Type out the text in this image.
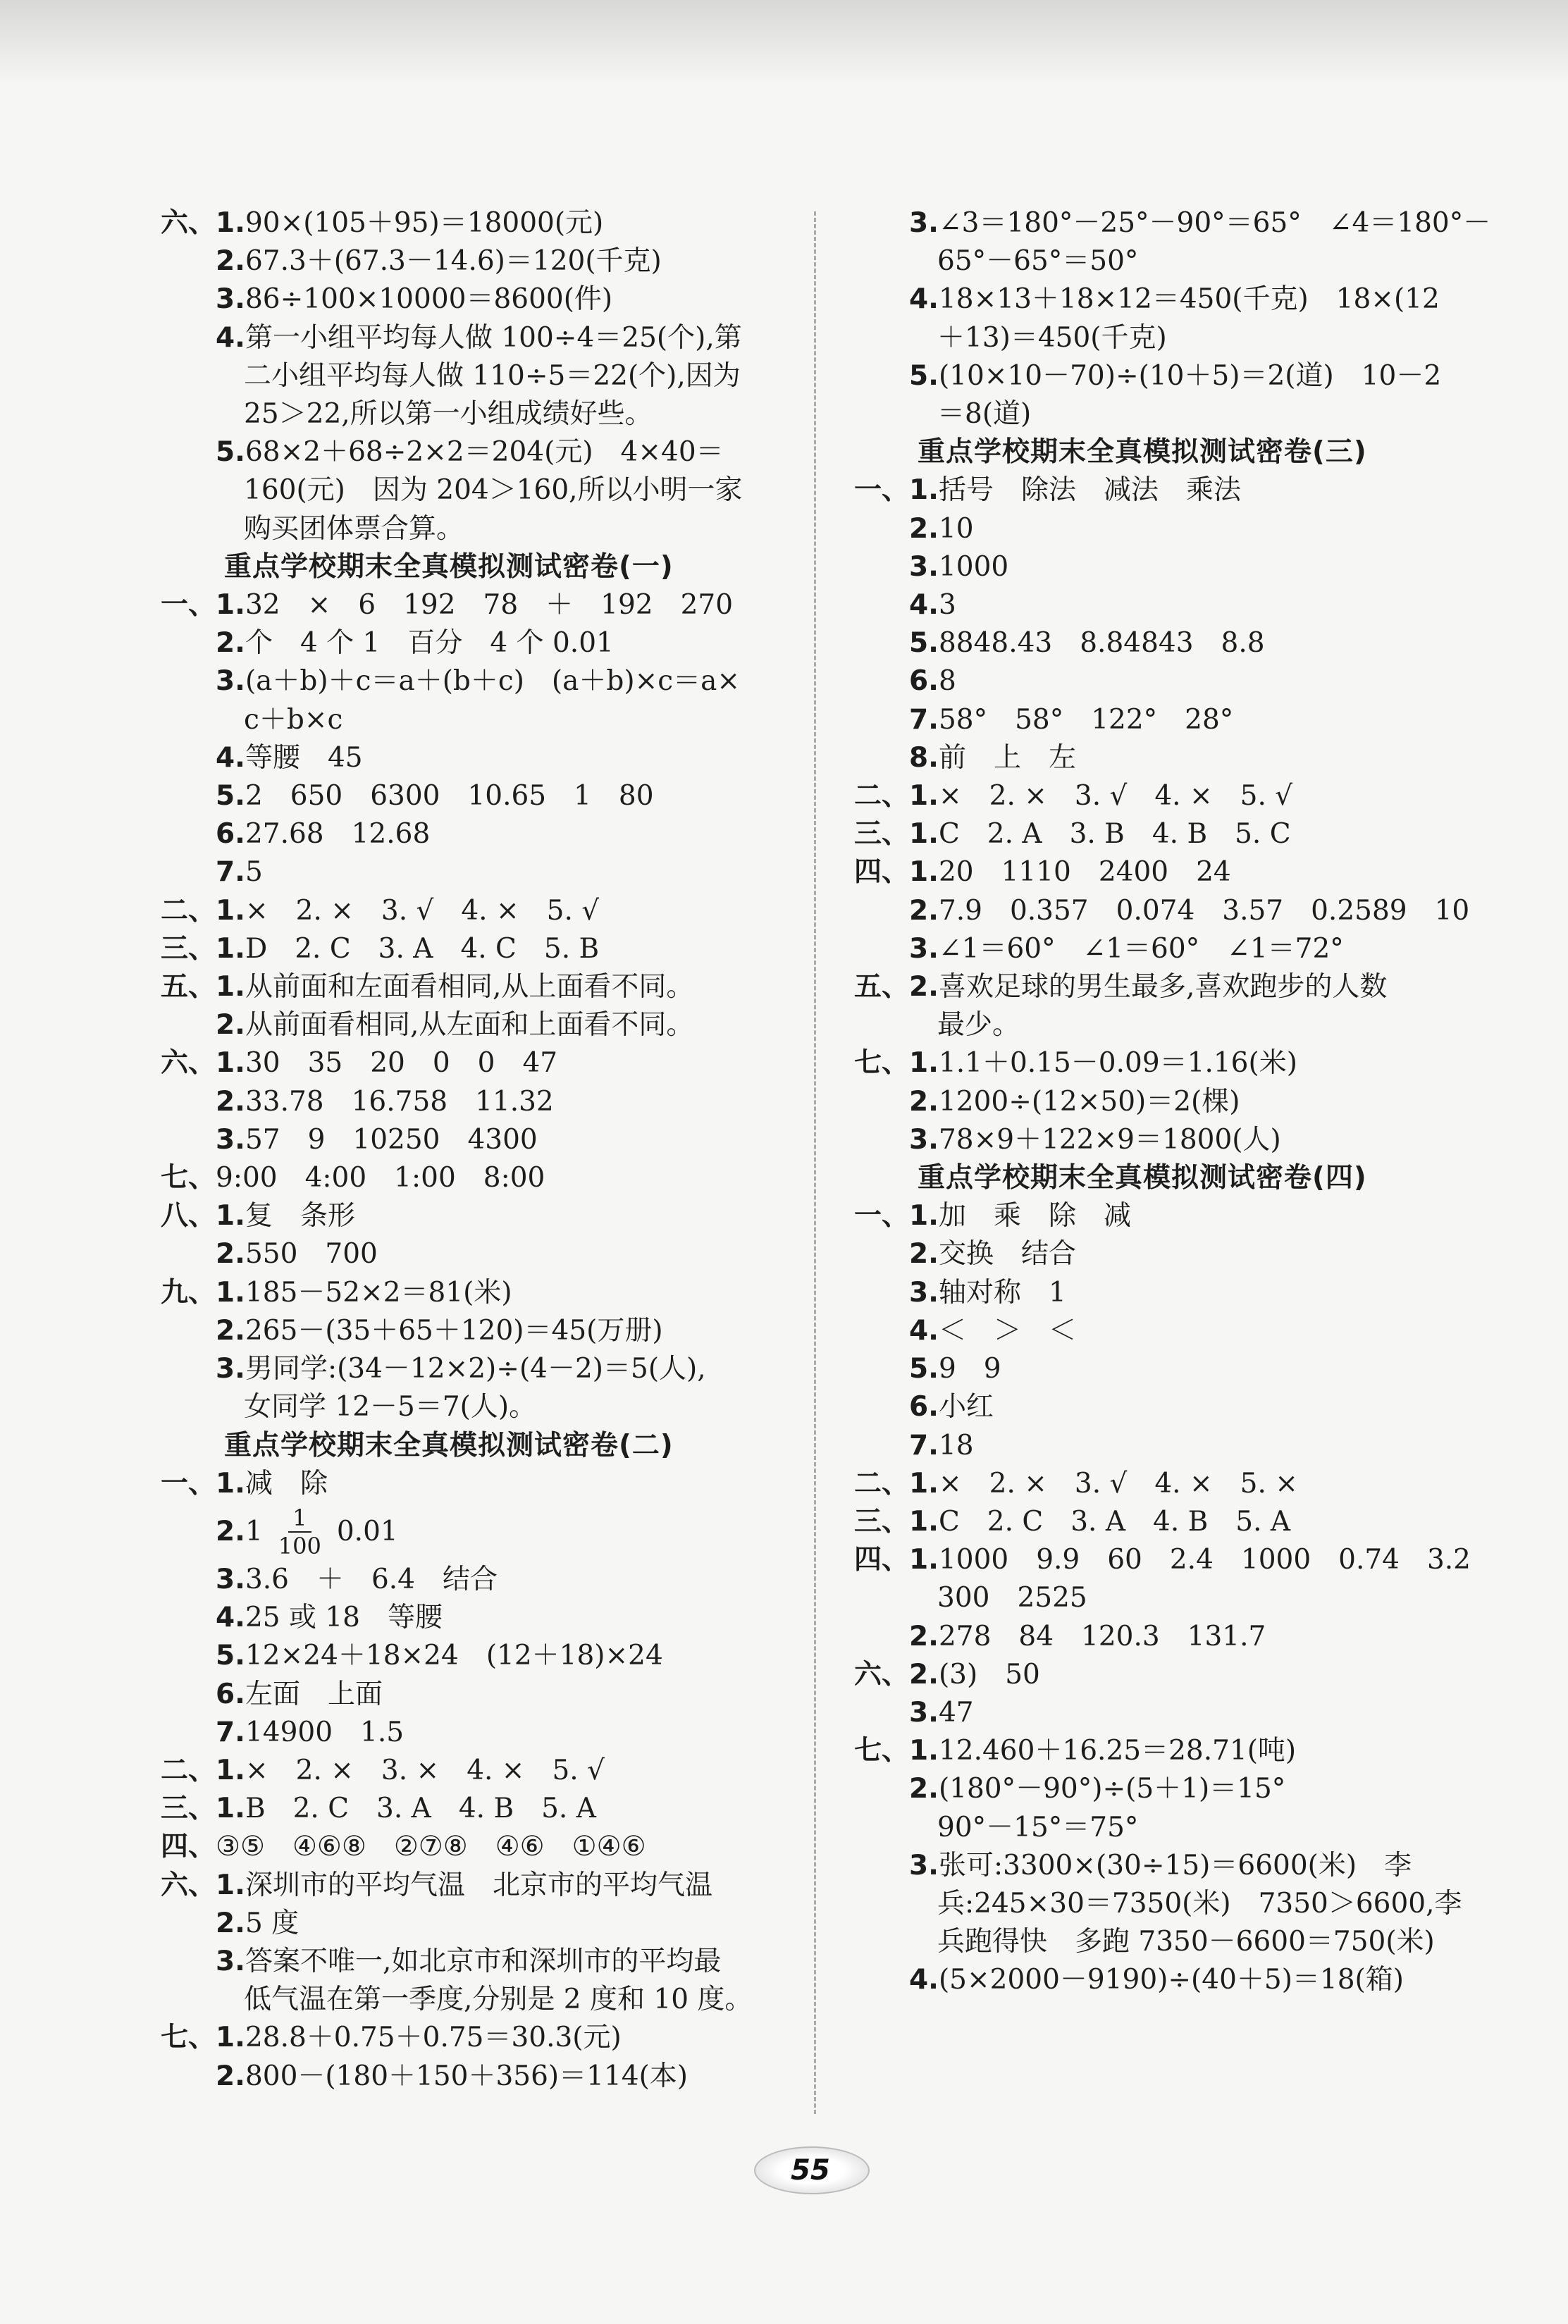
六、1. 90×(105＋95)＝18000(元)
2. 67.3＋(67.3－14.6)＝120(千克)
3. 86÷100×10000＝8600(件)
4. 第一小组平均每人做 100÷4＝25(个),第
二小组平均每人做 110÷5＝22(个),因为
25＞22,所以第一小组成绩好些。
5. 68×2＋68÷2×2＝204(元)　4×40＝
160(元)　因为 204＞160,所以小明一家
购买团体票合算。
重点学校期末全真模拟测试密卷(一)
一、1. 32　×　6　192　78　＋　192　270
2. 个　4 个 1　百分　4 个 0.01
3. (a＋b)＋c＝a＋(b＋c)　(a＋b)×c＝a×
c＋b×c
4. 等腰　45
5. 2　650　6300　10.65　1　80
6. 27.68　12.68
7. 5
二、1. ×　2. ×　3. √　4. ×　5. √
三、1. D　2. C　3. A　4. C　5. B
五、1. 从前面和左面看相同,从上面看不同。
2. 从前面看相同,从左面和上面看不同。
六、1. 30　35　20　0　0　47
2. 33.78　16.758　11.32
3. 57　9　10250　4300
七、 9:00　4:00　1:00　8:00
八、1. 复　条形
2. 550　700
九、1. 185－52×2＝81(米)
2. 265－(35＋65＋120)＝45(万册)
3. 男同学:(34－12×2)÷(4－2)＝5(人),
女同学 12－5＝7(人)。
重点学校期末全真模拟测试密卷(二)
一、1. 减　除
2. $1 \frac{1}{100} 0.01$
3. 3.6　＋　6.4　结合
4. 25 或 18　等腰
5. 12×24＋18×24　(12＋18)×24
6. 左面　上面
7. 14900　1.5
二、1. ×　2. ×　3. ×　4. ×　5. √
三、1. B　2. C　3. A　4. B　5. A
四、 ③⑤　④⑥⑧　②⑦⑧　④⑥　①④⑥
六、1. 深圳市的平均气温　北京市的平均气温
2. 5 度
3. 答案不唯一,如北京市和深圳市的平均最
低气温在第一季度,分别是 2 度和 10 度。
七、1. 28.8＋0.75＋0.75＝30.3(元)
2. 800－(180＋150＋356)＝114(本)
3. ∠3＝180°－25°－90°＝65°　∠4＝180°－
65°－65°＝50°
4. 18×13＋18×12＝450(千克)　18×(12
＋13)＝450(千克)
5. (10×10－70)÷(10＋5)＝2(道)　10－2
＝8(道)
重点学校期末全真模拟测试密卷(三)
一、1. 括号　除法　减法　乘法
2. 10
3. 1000
4. 3
5. 8848.43　8.84843　8.8
6. 8
7. 58°　58°　122°　28°
8. 前　上　左
二、1. ×　2. ×　3. √　4. ×　5. √
三、1. C　2. A　3. B　4. B　5. C
四、1. 20　1110　2400　24
2. 7.9　0.357　0.074　3.57　0.2589　10
3. ∠1＝60°　∠1＝60°　∠1＝72°
五、2. 喜欢足球的男生最多,喜欢跑步的人数
最少。
七、1. 1.1＋0.15－0.09＝1.16(米)
2. 1200÷(12×50)＝2(棵)
3. 78×9＋122×9＝1800(人)
重点学校期末全真模拟测试密卷(四)
一、1. 加　乘　除　减
2. 交换　结合
3. 轴对称　1
4. ＜　＞　＜
5. 9　9
6. 小红
7. 18
二、1. ×　2. ×　3. √　4. ×　5. ×
三、1. C　2. C　3. A　4. B　5. A
四、1. 1000　9.9　60　2.4　1000　0.74　3.2
300　2525
2. 278　84　120.3　131.7
六、2. (3)　50
3. 47
七、1. 12.460＋16.25＝28.71(吨)
2. (180°－90°)÷(5＋1)＝15°
90°－15°＝75°
3. 张可:3300×(30÷15)＝6600(米)　李
兵:245×30＝7350(米)　7350＞6600,李
兵跑得快　多跑 7350－6600＝750(米)
4. (5×2000－9190)÷(40＋5)＝18(箱)
55
